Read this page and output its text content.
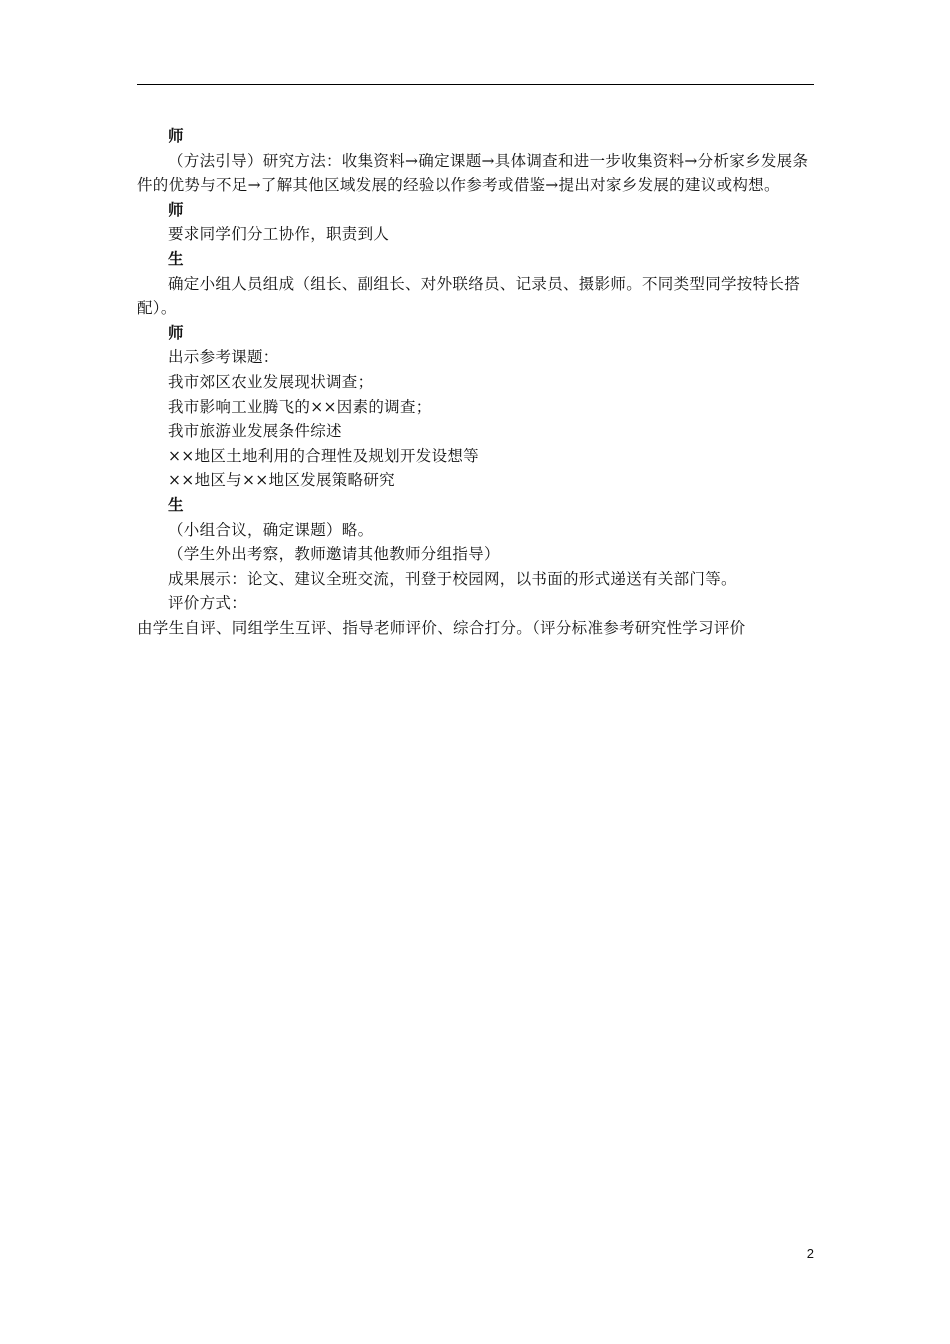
师

（方法引导）研究方法：收集资料→确定课题→具体调查和进一步收集资料→分析家乡发展条件的优势与不足→了解其他区域发展的经验以作参考或借鉴→提出对家乡发展的建议或构想。

师

要求同学们分工协作，职责到人

生

确定小组人员组成（组长、副组长、对外联络员、记录员、摄影师。不同类型同学按特长搭配）。

师

出示参考课题：

我市郊区农业发展现状调查；

我市影响工业腾飞的××因素的调查；

我市旅游业发展条件综述

××地区土地利用的合理性及规划开发设想等

××地区与××地区发展策略研究

生

（小组合议，确定课题）略。

（学生外出考察，教师邀请其他教师分组指导）

成果展示：论文、建议全班交流，刊登于校园网，以书面的形式递送有关部门等。

评价方式：

由学生自评、同组学生互评、指导老师评价、综合打分。（评分标准参考研究性学习评价

2
